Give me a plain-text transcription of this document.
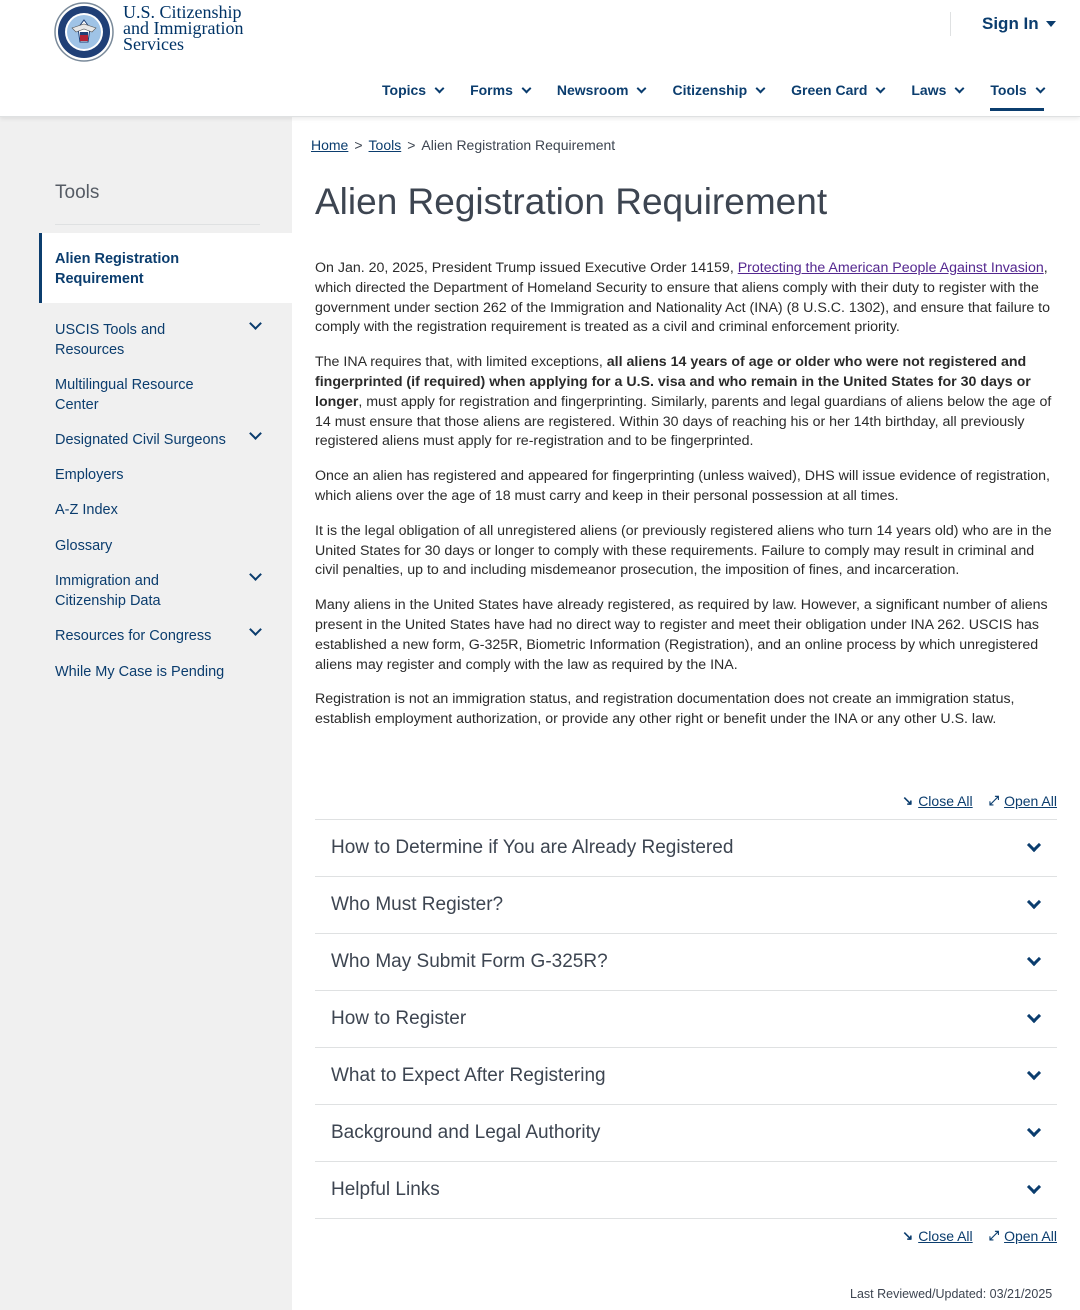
U.S. Citizenship
and Immigration
Services
Sign In
Topics	Forms	Newsroom	Citizenship	Green Card	Laws	Tools
Tools
Alien Registration Requirement
USCIS Tools and Resources
Multilingual Resource Center
Designated Civil Surgeons
Employers
A-Z Index
Glossary
Immigration and Citizenship Data
Resources for Congress
While My Case is Pending
Home > Tools > Alien Registration Requirement
Alien Registration Requirement

On Jan. 20, 2025, President Trump issued Executive Order 14159, Protecting the American People Against Invasion, which directed the Department of Homeland Security to ensure that aliens comply with their duty to register with the government under section 262 of the Immigration and Nationality Act (INA) (8 U.S.C. 1302), and ensure that failure to comply with the registration requirement is treated as a civil and criminal enforcement priority.

The INA requires that, with limited exceptions, all aliens 14 years of age or older who were not registered and fingerprinted (if required) when applying for a U.S. visa and who remain in the United States for 30 days or longer, must apply for registration and fingerprinting. Similarly, parents and legal guardians of aliens below the age of 14 must ensure that those aliens are registered. Within 30 days of reaching his or her 14th birthday, all previously registered aliens must apply for re-registration and to be fingerprinted.

Once an alien has registered and appeared for fingerprinting (unless waived), DHS will issue evidence of registration, which aliens over the age of 18 must carry and keep in their personal possession at all times.

It is the legal obligation of all unregistered aliens (or previously registered aliens who turn 14 years old) who are in the United States for 30 days or longer to comply with these requirements. Failure to comply may result in criminal and civil penalties, up to and including misdemeanor prosecution, the imposition of fines, and incarceration.

Many aliens in the United States have already registered, as required by law. However, a significant number of aliens present in the United States have had no direct way to register and meet their obligation under INA 262. USCIS has established a new form, G-325R, Biometric Information (Registration), and an online process by which unregistered aliens may register and comply with the law as required by the INA.

Registration is not an immigration status, and registration documentation does not create an immigration status, establish employment authorization, or provide any other right or benefit under the INA or any other U.S. law.

↘︎ Close All ⤢ Open All
How to Determine if You are Already Registered
Who Must Register?
Who May Submit Form G-325R?
How to Register
What to Expect After Registering
Background and Legal Authority
Helpful Links
↘︎ Close All ⤢ Open All
Last Reviewed/Updated: 03/21/2025
